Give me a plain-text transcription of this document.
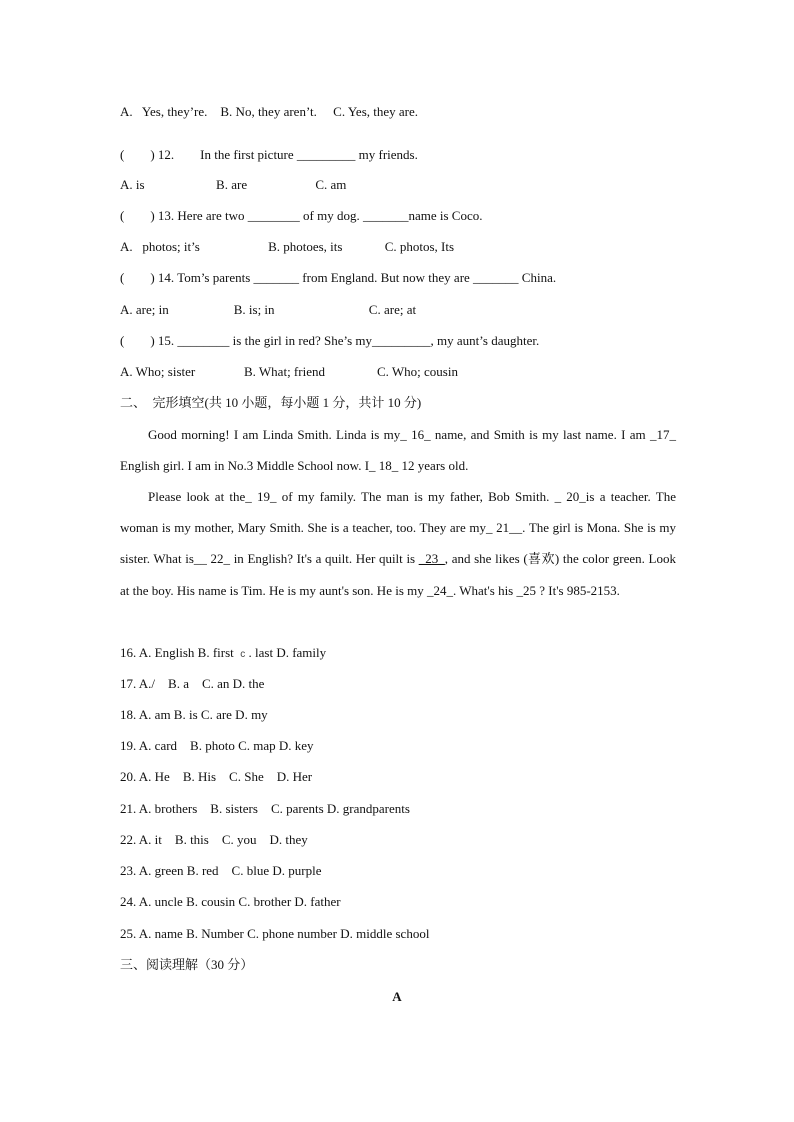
A.   Yes, they’re.    B. No, they aren’t.     C. Yes, they are.
(        ) 12.        In the first picture _________ my friends.
A. is                      B. are                     C. am
(        ) 13. Here are two ________ of my dog. _______name is Coco.
A.   photos; it’s                     B. photoes, its             C. photos, Its
(        ) 14. Tom’s parents _______ from England. But now they are _______ China.
A. are; in                    B. is; in                             C. are; at
(        ) 15. ________ is the girl in red? She’s my_________, my aunt’s daughter.
A. Who; sister               B. What; friend                C. Who; cousin
二、  完形填空(共 10 小题，每小题 1 分，共计 10 分)
Good morning! I am Linda Smith. Linda is my_ 16_ name, and Smith is my last name. I am _17_ English girl. I am in No.3 Middle School now. I_ 18_ 12 years old.
Please look at the_ 19_ of my family. The man is my father, Bob Smith. _ 20_is a teacher. The woman is my mother, Mary Smith. She is a teacher, too. They are my_ 21__. The girl is Mona. She is my sister. What is__ 22_ in English? It's a quilt. Her quilt is _23_, and she likes (喜欢) the color green. Look at the boy. His name is Tim. He is my aunt's son. He is my _24_. What's his _25 ? It's 985-2153.
16. A. English B. first  c . last D. family
17. A./    B. a    C. an D. the
18. A. am B. is C. are D. my
19. A. card    B. photo C. map D. key
20. A. He    B. His    C. She    D. Her
21. A. brothers    B. sisters    C. parents D. grandparents
22. A. it    B. this    C. you    D. they
23. A. green B. red    C. blue D. purple
24. A. uncle B. cousin C. brother D. father
25. A. name B. Number C. phone number D. middle school
三、阅读理解（30 分）
A
